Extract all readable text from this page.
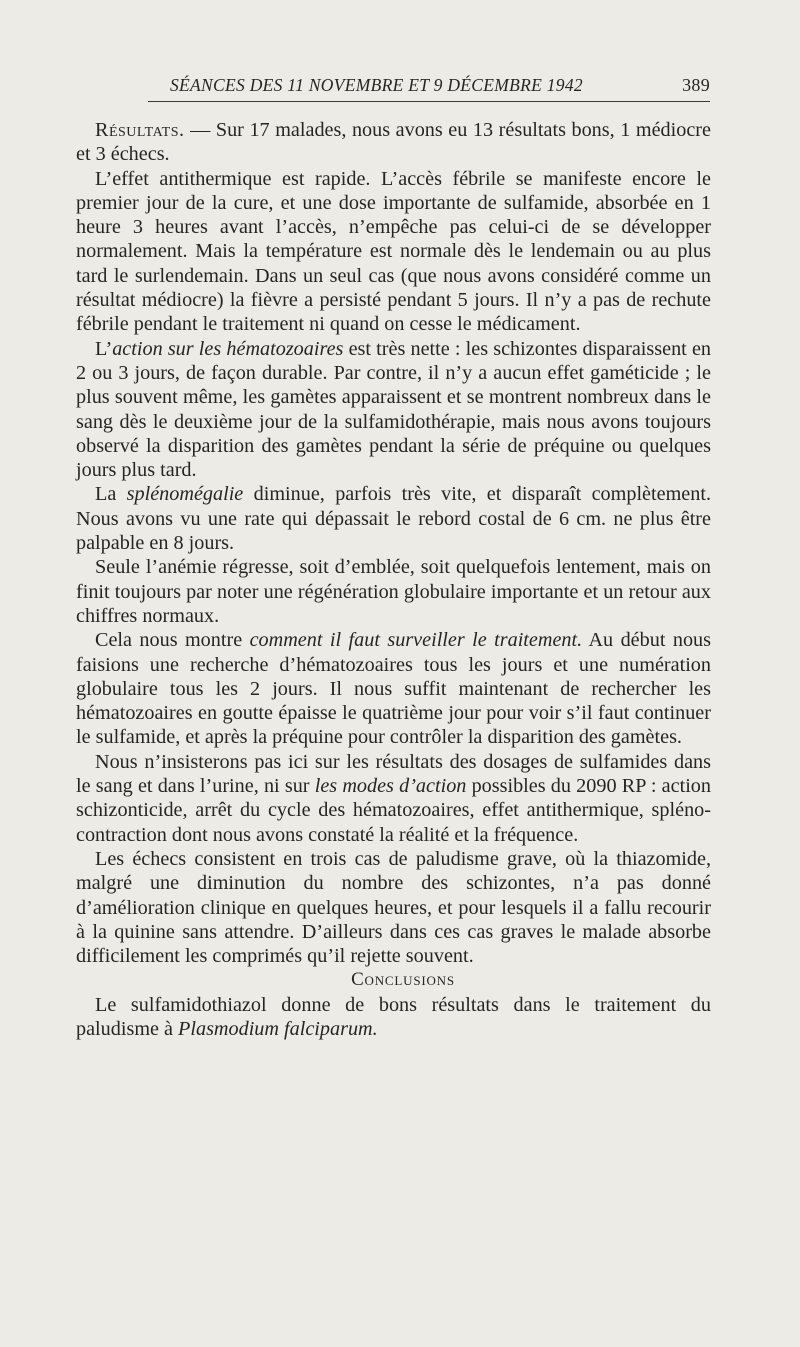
SÉANCES DES 11 NOVEMBRE ET 9 DÉCEMBRE 1942	389

Résultats. — Sur 17 malades, nous avons eu 13 résultats bons, 1 médiocre et 3 échecs.

L’effet antithermique est rapide. L’accès fébrile se manifeste encore le premier jour de la cure, et une dose importante de sulfamide, absorbée en 1 heure 3 heures avant l’accès, n’empêche pas celui-ci de se développer normalement. Mais la température est normale dès le lendemain ou au plus tard le surlendemain. Dans un seul cas (que nous avons considéré comme un résultat médiocre) la fièvre a persisté pendant 5 jours. Il n’y a pas de rechute fébrile pendant le traitement ni quand on cesse le médicament.

L’action sur les hématozoaires est très nette : les schizontes disparaissent en 2 ou 3 jours, de façon durable. Par contre, il n’y a aucun effet gaméticide ; le plus souvent même, les gamètes apparaissent et se montrent nombreux dans le sang dès le deuxième jour de la sulfamidothérapie, mais nous avons toujours observé la disparition des gamètes pendant la série de préquine ou quelques jours plus tard.

La splénomégalie diminue, parfois très vite, et disparaît complètement. Nous avons vu une rate qui dépassait le rebord costal de 6 cm. ne plus être palpable en 8 jours.

Seule l’anémie régresse, soit d’emblée, soit quelquefois lentement, mais on finit toujours par noter une régénération globulaire importante et un retour aux chiffres normaux.

Cela nous montre comment il faut surveiller le traitement. Au début nous faisions une recherche d’hématozoaires tous les jours et une numération globulaire tous les 2 jours. Il nous suffit maintenant de rechercher les hématozoaires en goutte épaisse le quatrième jour pour voir s’il faut continuer le sulfamide, et après la préquine pour contrôler la disparition des gamètes.

Nous n’insisterons pas ici sur les résultats des dosages de sulfamides dans le sang et dans l’urine, ni sur les modes d’action possibles du 2090 RP : action schizonticide, arrêt du cycle des hématozoaires, effet antithermique, spléno-contraction dont nous avons constaté la réalité et la fréquence.

Les échecs consistent en trois cas de paludisme grave, où la thiazomide, malgré une diminution du nombre des schizontes, n’a pas donné d’amélioration clinique en quelques heures, et pour lesquels il a fallu recourir à la quinine sans attendre. D’ailleurs dans ces cas graves le malade absorbe difficilement les comprimés qu’il rejette souvent.

Conclusions

Le sulfamidothiazol donne de bons résultats dans le traitement du paludisme à Plasmodium falciparum.
